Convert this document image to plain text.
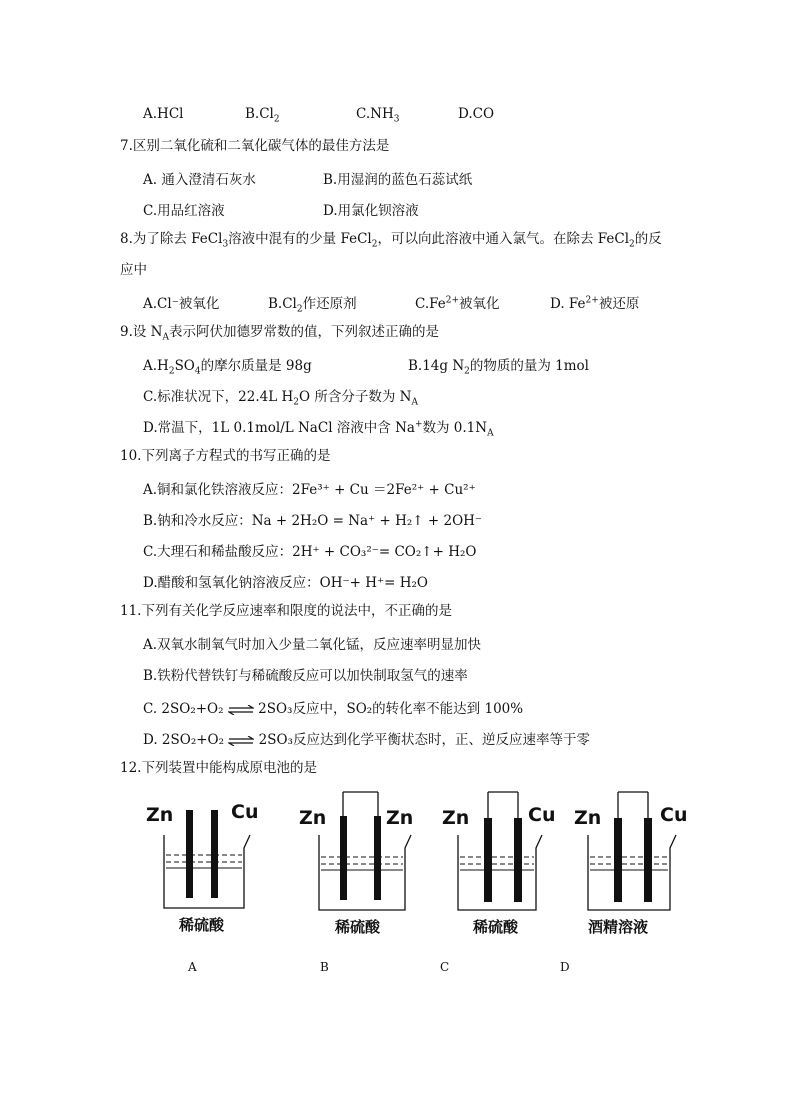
A.HCl	$B.Cl_2$	$C.NH_3$	D.CO
7.区别二氧化硫和二氧化碳气体的最佳方法是
A. 通入澄清石灰水	B.用湿润的蓝色石蕊试纸
C.用品红溶液	D.用氯化钡溶液
8.为了除去 FeCl$_3$溶液中混有的少量 FeCl$_2$，可以向此溶液中通入氯气。在除去 FeCl$_2$的反
应中
A.Cl⁻被氧化	$B.Cl_2$作还原剂	$C.Fe^{2+}$被氧化	D. $Fe^{2+}$被还原
9.设 $N_A$表示阿伏加德罗常数的值，下列叙述正确的是
$A.H_2SO_4$的摩尔质量是 98g	B.14g $N_2$的物质的量为 1mol
C.标准状况下，22.4L $H_2O$ 所含分子数为 $N_A$
D.常温下，1L 0.1mol/L NaCl 溶液中含 Na+数为 $0.1N_A$
10.下列离子方程式的书写正确的是
A.铜和氯化铁溶液反应：2Fe³⁺ + Cu ＝2Fe²⁺ + Cu²⁺
B.钠和冷水反应：Na + 2H₂O = Na⁺ + H₂↑ + 2OH⁻
C.大理石和稀盐酸反应：2H⁺ + CO₃²⁻= CO₂↑+ H₂O
D.醋酸和氢氧化钠溶液反应：OH⁻+ H⁺= H₂O
11.下列有关化学反应速率和限度的说法中，不正确的是
A.双氧水制氧气时加入少量二氧化锰，反应速率明显加快
B.铁粉代替铁钉与稀硫酸反应可以加快制取氢气的速率
C. 2SO₂+O₂ ⇌ 2SO₃反应中，SO₂的转化率不能达到 100%
D. 2SO₂+O₂ ⇌ 2SO₃反应达到化学平衡状态时，正、逆反应速率等于零
12.下列装置中能构成原电池的是
Zn	Cu
稀硫酸
Zn	Zn
稀硫酸
Zn	Cu
稀硫酸
Zn	Cu
酒精溶液
A	B	C	D
